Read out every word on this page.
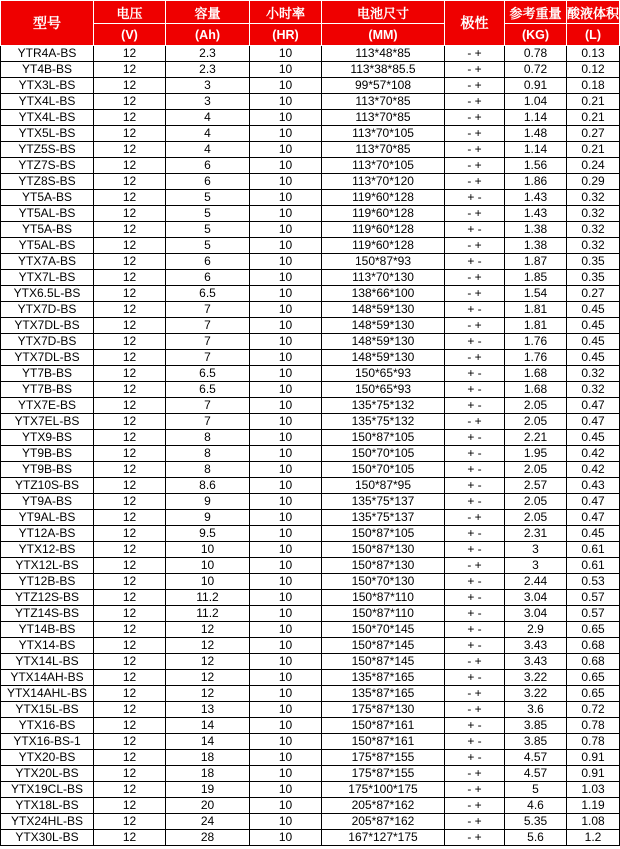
型号	电压	容量	小时率	电池尺寸	极性	参考重量	酸液体积
	(V)	(Ah)	(HR)	(MM)		(KG)	(L)
YTR4A-BS	12	2.3	10	113*48*85	- +	0.78	0.13
YT4B-BS	12	2.3	10	113*38*85.5	- +	0.72	0.12
YTX3L-BS	12	3	10	99*57*108	- +	0.91	0.18
YTX4L-BS	12	3	10	113*70*85	- +	1.04	0.21
YTX4L-BS	12	4	10	113*70*85	- +	1.14	0.21
YTX5L-BS	12	4	10	113*70*105	- +	1.48	0.27
YTZ5S-BS	12	4	10	113*70*85	- +	1.14	0.21
YTZ7S-BS	12	6	10	113*70*105	- +	1.56	0.24
YTZ8S-BS	12	6	10	113*70*120	- +	1.86	0.29
YT5A-BS	12	5	10	119*60*128	+ -	1.43	0.32
YT5AL-BS	12	5	10	119*60*128	- +	1.43	0.32
YT5A-BS	12	5	10	119*60*128	+ -	1.38	0.32
YT5AL-BS	12	5	10	119*60*128	- +	1.38	0.32
YTX7A-BS	12	6	10	150*87*93	+ -	1.87	0.35
YTX7L-BS	12	6	10	113*70*130	- +	1.85	0.35
YTX6.5L-BS	12	6.5	10	138*66*100	- +	1.54	0.27
YTX7D-BS	12	7	10	148*59*130	+ -	1.81	0.45
YTX7DL-BS	12	7	10	148*59*130	- +	1.81	0.45
YTX7D-BS	12	7	10	148*59*130	+ -	1.76	0.45
YTX7DL-BS	12	7	10	148*59*130	- +	1.76	0.45
YT7B-BS	12	6.5	10	150*65*93	+ -	1.68	0.32
YT7B-BS	12	6.5	10	150*65*93	+ -	1.68	0.32
YTX7E-BS	12	7	10	135*75*132	+ -	2.05	0.47
YTX7EL-BS	12	7	10	135*75*132	- +	2.05	0.47
YTX9-BS	12	8	10	150*87*105	+ -	2.21	0.45
YT9B-BS	12	8	10	150*70*105	+ -	1.95	0.42
YT9B-BS	12	8	10	150*70*105	+ -	2.05	0.42
YTZ10S-BS	12	8.6	10	150*87*95	+ -	2.57	0.43
YT9A-BS	12	9	10	135*75*137	+ -	2.05	0.47
YT9AL-BS	12	9	10	135*75*137	- +	2.05	0.47
YT12A-BS	12	9.5	10	150*87*105	+ -	2.31	0.45
YTX12-BS	12	10	10	150*87*130	+ -	3	0.61
YTX12L-BS	12	10	10	150*87*130	- +	3	0.61
YT12B-BS	12	10	10	150*70*130	+ -	2.44	0.53
YTZ12S-BS	12	11.2	10	150*87*110	+ -	3.04	0.57
YTZ14S-BS	12	11.2	10	150*87*110	+ -	3.04	0.57
YT14B-BS	12	12	10	150*70*145	+ -	2.9	0.65
YTX14-BS	12	12	10	150*87*145	+ -	3.43	0.68
YTX14L-BS	12	12	10	150*87*145	- +	3.43	0.68
YTX14AH-BS	12	12	10	135*87*165	+ -	3.22	0.65
YTX14AHL-BS	12	12	10	135*87*165	- +	3.22	0.65
YTX15L-BS	12	13	10	175*87*130	- +	3.6	0.72
YTX16-BS	12	14	10	150*87*161	+ -	3.85	0.78
YTX16-BS-1	12	14	10	150*87*161	+ -	3.85	0.78
YTX20-BS	12	18	10	175*87*155	+ -	4.57	0.91
YTX20L-BS	12	18	10	175*87*155	- +	4.57	0.91
YTX19CL-BS	12	19	10	175*100*175	- +	5	1.03
YTX18L-BS	12	20	10	205*87*162	- +	4.6	1.19
YTX24HL-BS	12	24	10	205*87*162	- +	5.35	1.08
YTX30L-BS	12	28	10	167*127*175	- +	5.6	1.2
